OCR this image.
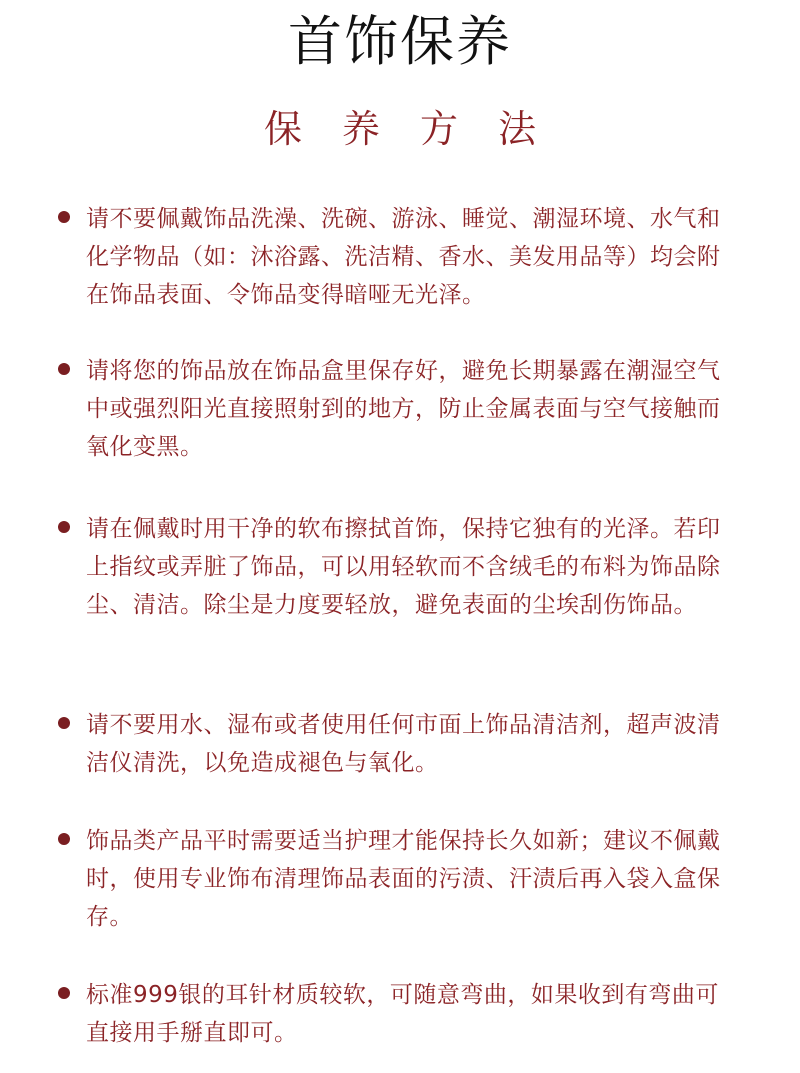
首饰保养
保养方法
请不要佩戴饰品洗澡、洗碗、游泳、睡觉、潮湿环境、水气和化学物品（如：沐浴露、洗洁精、香水、美发用品等）均会附在饰品表面、令饰品变得暗哑无光泽。
请将您的饰品放在饰品盒里保存好，避免长期暴露在潮湿空气中或强烈阳光直接照射到的地方，防止金属表面与空气接触而氧化变黑。
请在佩戴时用干净的软布擦拭首饰，保持它独有的光泽。若印上指纹或弄脏了饰品，可以用轻软而不含绒毛的布料为饰品除尘、清洁。除尘是力度要轻放，避免表面的尘埃刮伤饰品。
请不要用水、湿布或者使用任何市面上饰品清洁剂，超声波清洁仪清洗，以免造成褪色与氧化。
饰品类产品平时需要适当护理才能保持长久如新；建议不佩戴时，使用专业饰布清理饰品表面的污渍、汗渍后再入袋入盒保存。
标准999银的耳针材质较软，可随意弯曲，如果收到有弯曲可直接用手掰直即可。
